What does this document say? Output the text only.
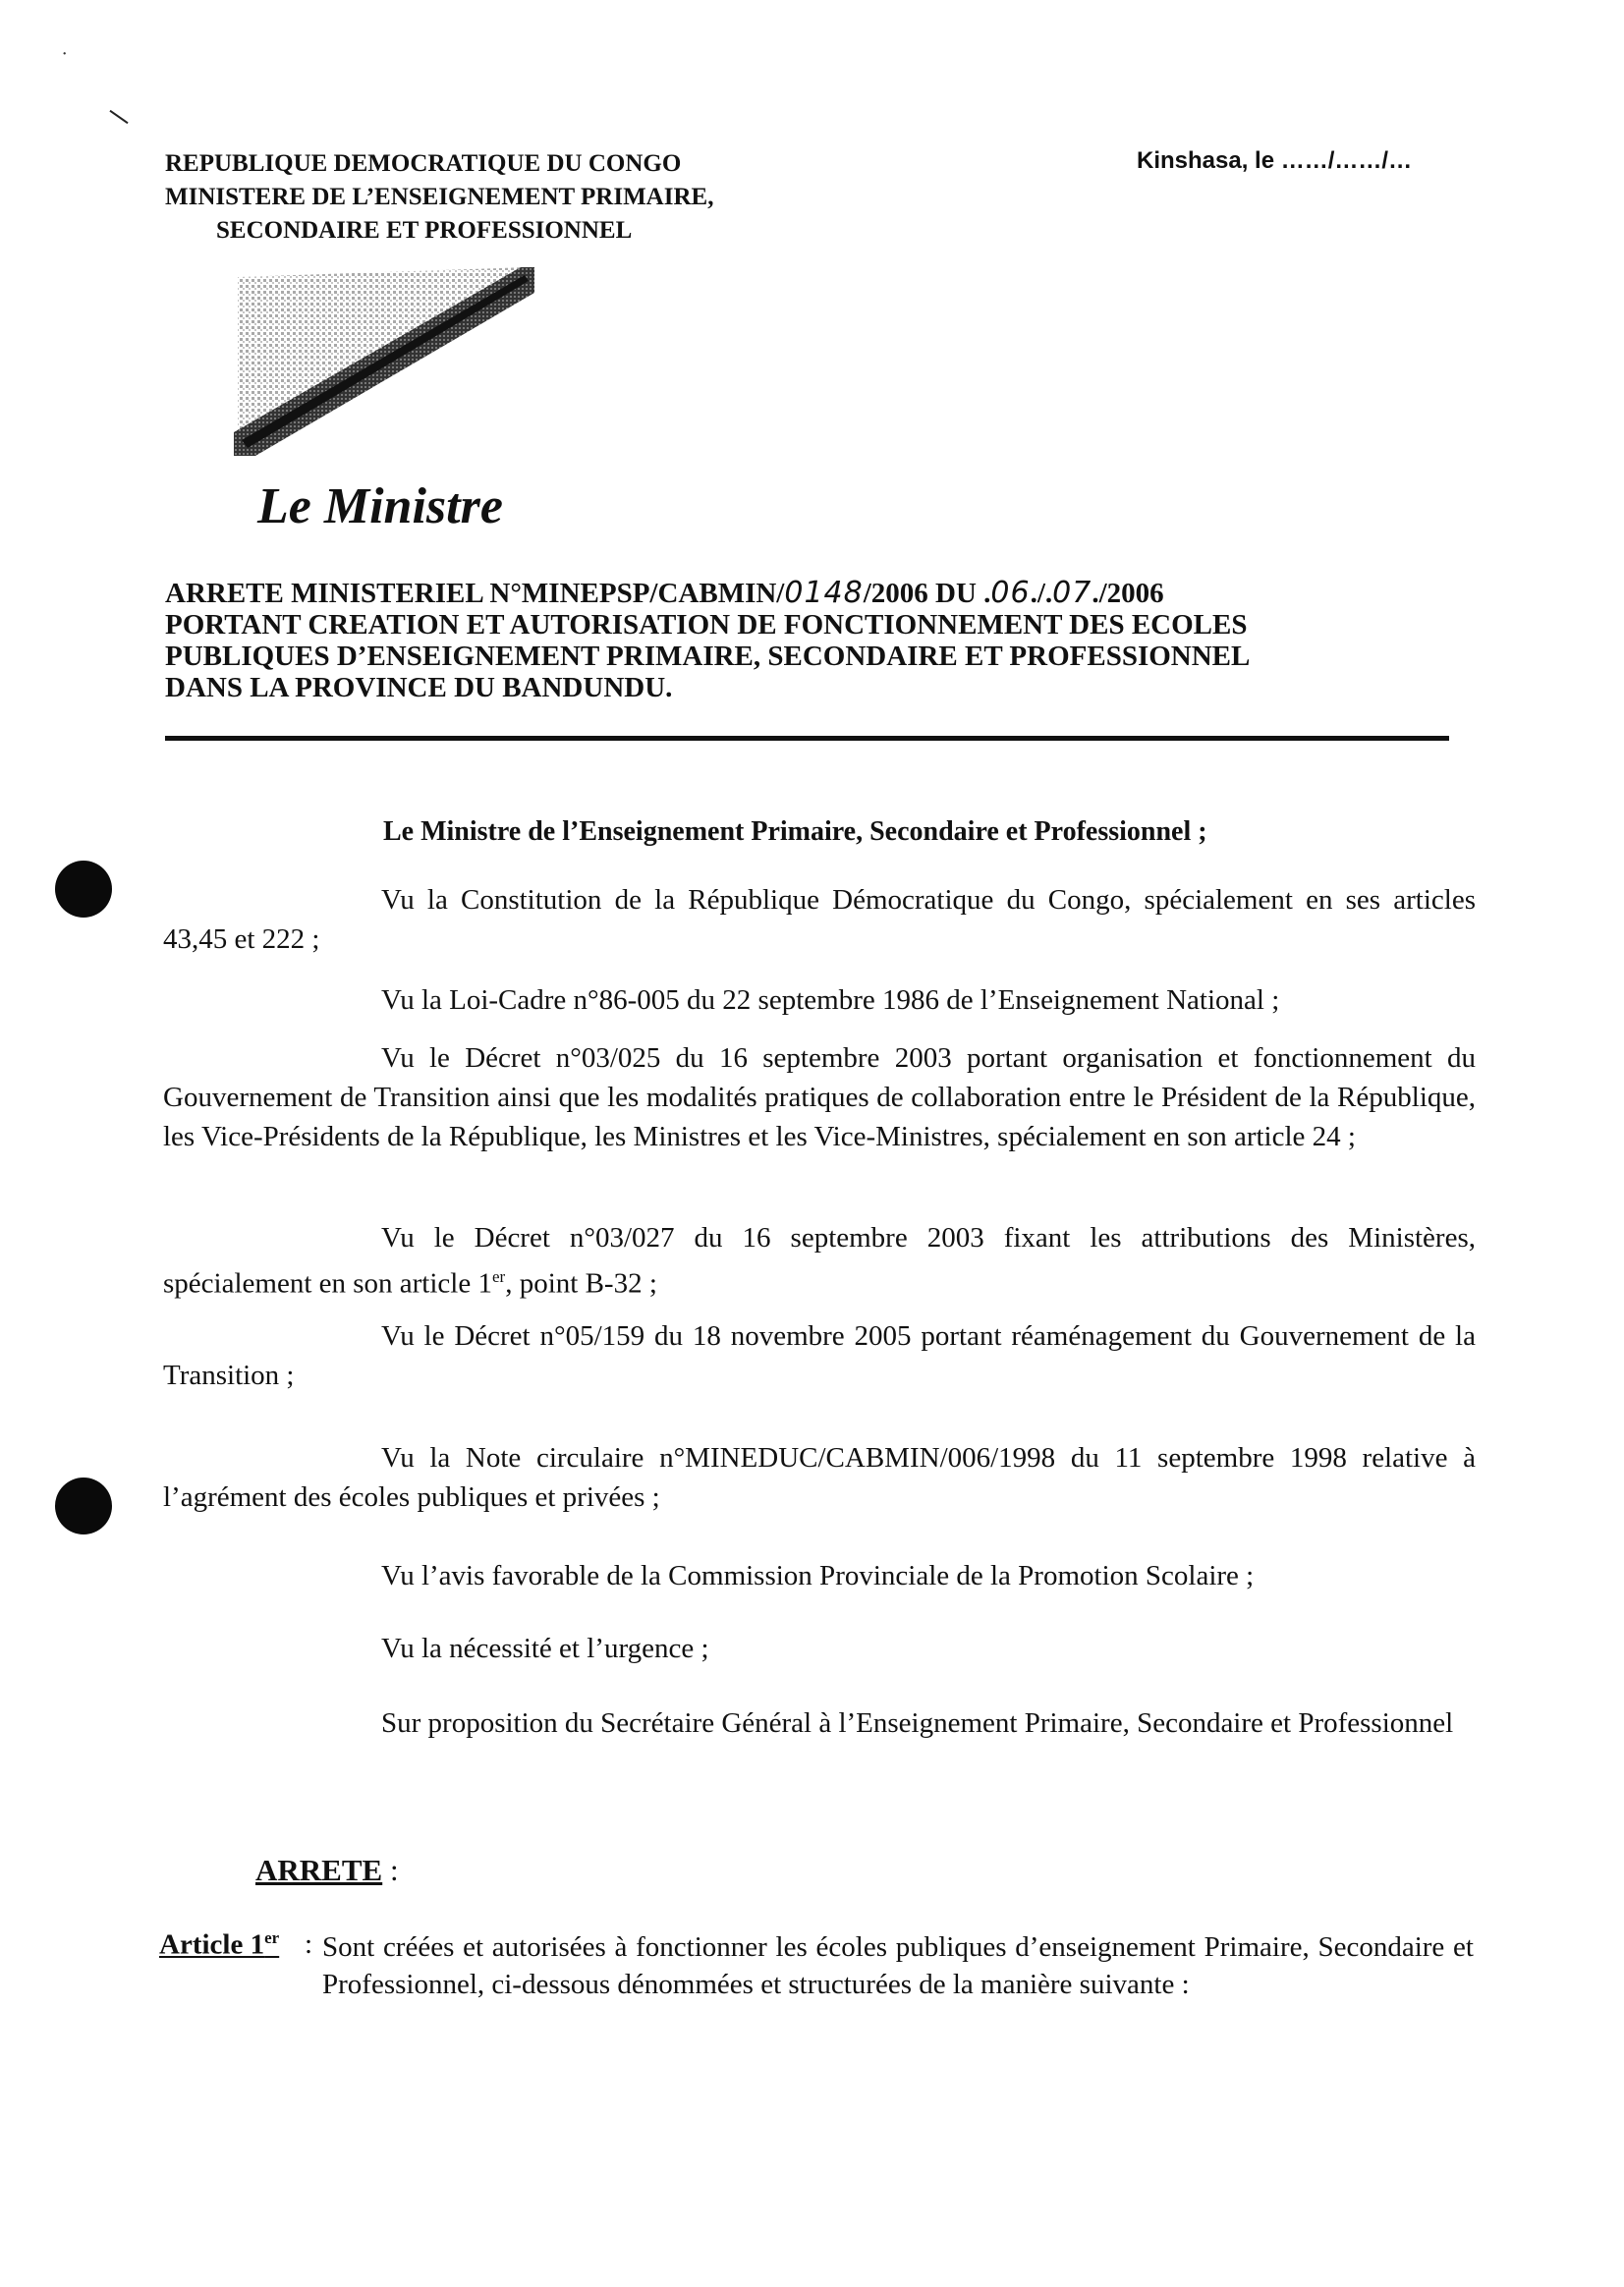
˙
REPUBLIQUE DEMOCRATIQUE DU CONGO
MINISTERE DE L’ENSEIGNEMENT PRIMAIRE,
SECONDAIRE ET PROFESSIONNEL
Kinshasa, le ……/……/…
Le Ministre
ARRETE MINISTERIEL N°MINEPSP/CABMIN/0148/2006 DU .06./.07./2006
PORTANT CREATION ET AUTORISATION DE FONCTIONNEMENT DES ECOLES
PUBLIQUES D’ENSEIGNEMENT PRIMAIRE, SECONDAIRE ET PROFESSIONNEL
DANS LA PROVINCE DU BANDUNDU.
Le Ministre de l’Enseignement Primaire, Secondaire et Professionnel ;
Vu la Constitution de la République Démocratique du Congo, spécialement en ses articles 43,45 et 222 ;
Vu la Loi-Cadre n°86-005 du 22 septembre 1986 de l’Enseignement National ;
Vu le Décret n°03/025 du 16 septembre 2003 portant organisation et fonctionnement du Gouvernement de Transition ainsi que les modalités pratiques de collaboration entre le Président de la République, les Vice-Présidents de la République, les Ministres et les Vice-Ministres, spécialement en son article 24 ;
Vu le Décret n°03/027 du 16 septembre 2003 fixant les attributions des Ministères, spécialement en son article 1er, point B-32 ;
Vu le Décret n°05/159 du 18 novembre 2005 portant réaménagement du Gouvernement de la Transition ;
Vu la Note circulaire n°MINEDUC/CABMIN/006/1998 du 11 septembre 1998 relative à l’agrément des écoles publiques et privées ;
Vu l’avis favorable de la Commission Provinciale de la Promotion Scolaire ;
Vu la nécessité et l’urgence ;
Sur proposition du Secrétaire Général à l’Enseignement Primaire, Secondaire et Professionnel
ARRETE :
Article 1er : Sont créées et autorisées à fonctionner les écoles publiques d’enseignement Primaire, Secondaire et Professionnel, ci-dessous dénommées et structurées de la manière suivante :
